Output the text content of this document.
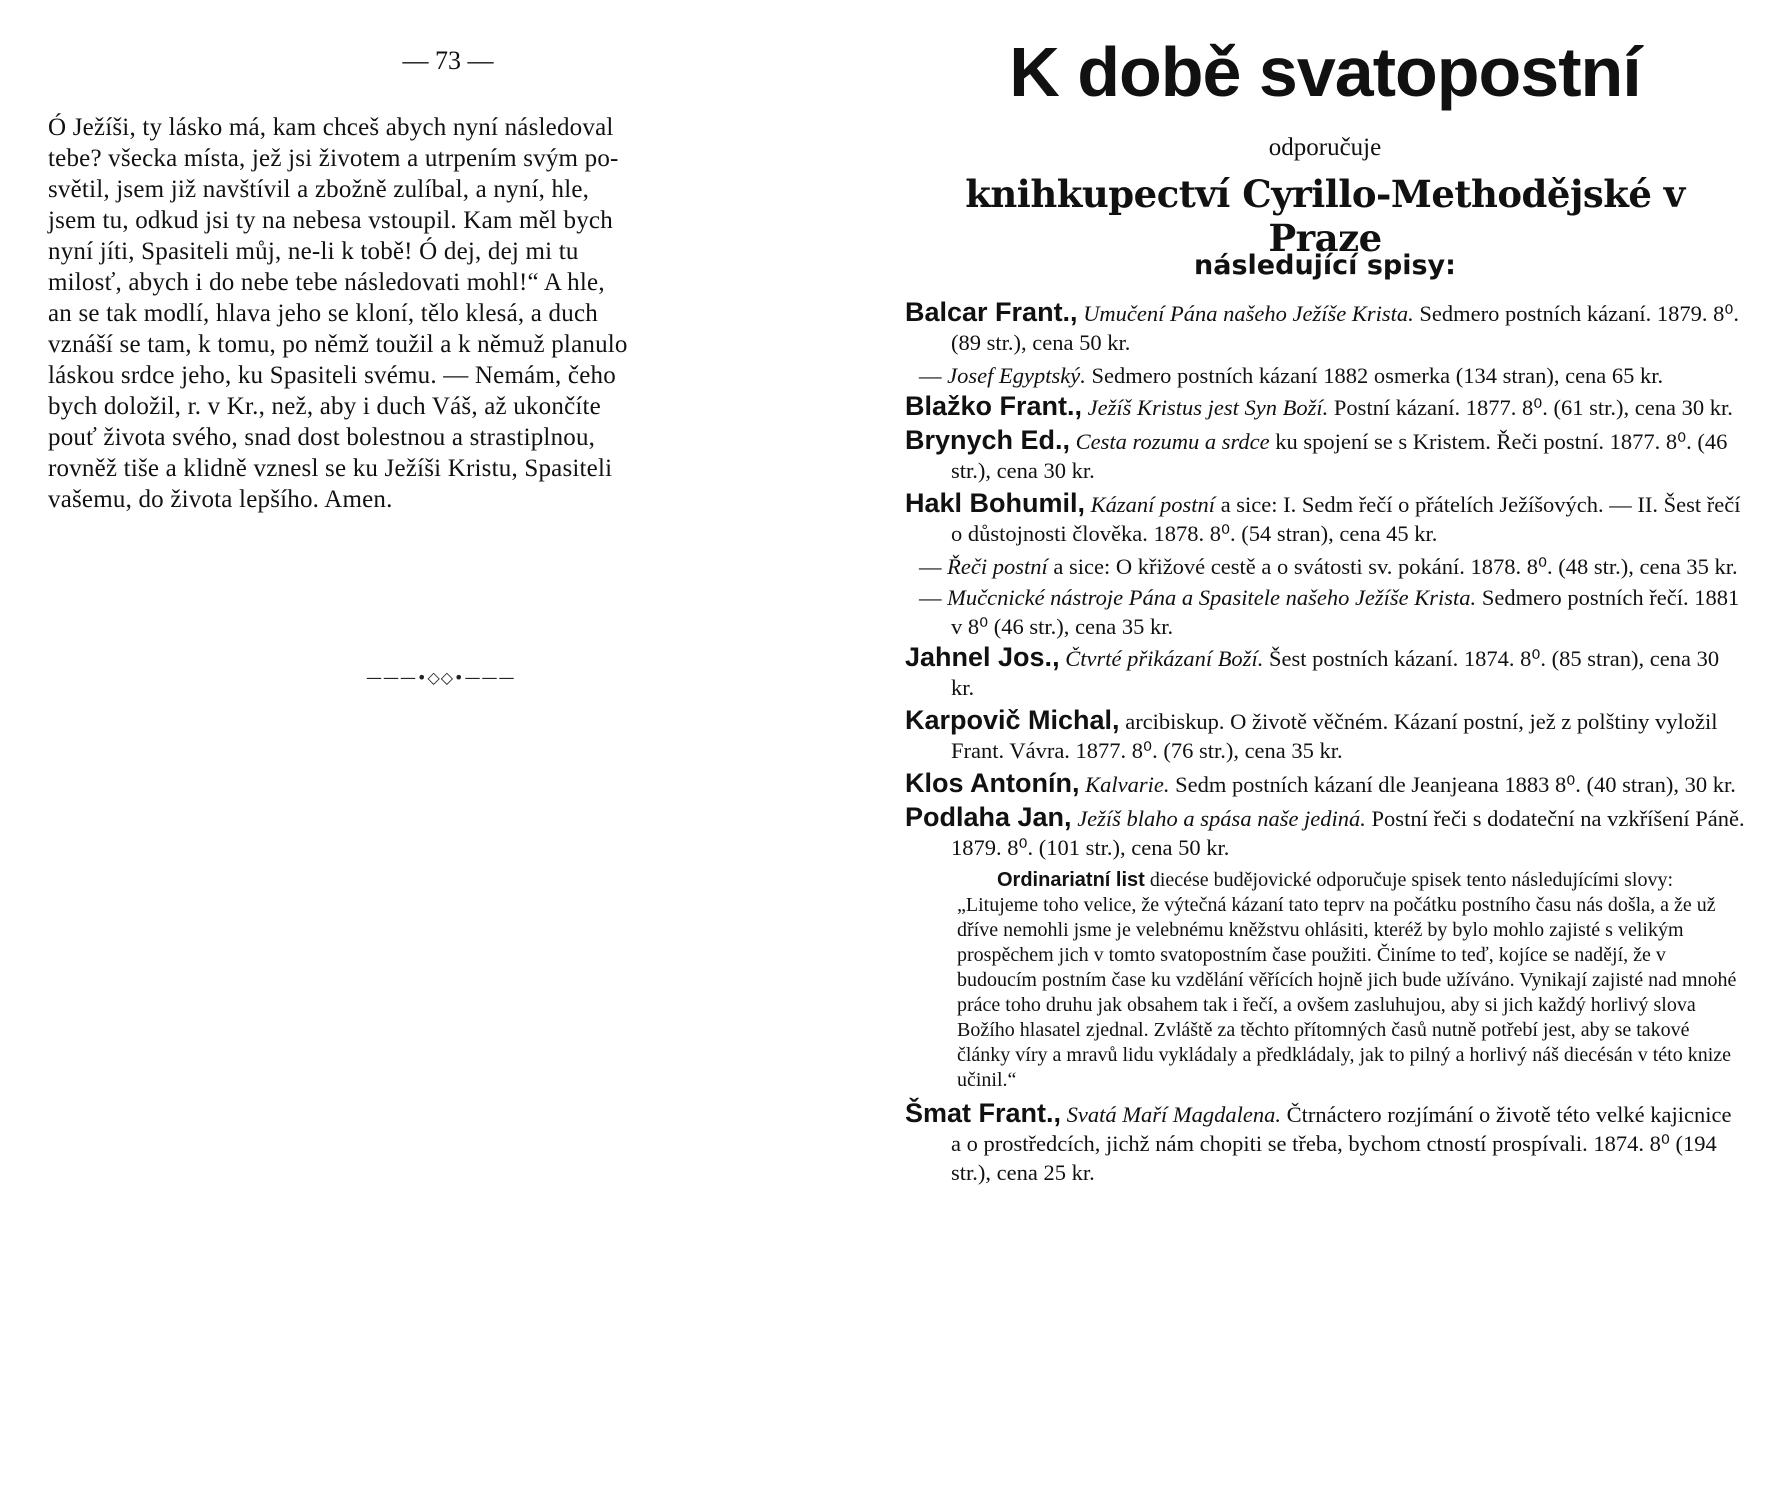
— 73 —
Ó Ježíši, ty lásko má, kam chceš abych nyní následoval
tebe? všecka místa, jež jsi životem a utrpením svým po-
světil, jsem již navštívil a zbožně zulíbal, a nyní, hle,
jsem tu, odkud jsi ty na nebesa vstoupil. Kam měl bych
nyní jíti, Spasiteli můj, ne-li k tobě! Ó dej, dej mi tu
milosť, abych i do nebe tebe následovati mohl!“ A hle,
an se tak modlí, hlava jeho se kloní, tělo klesá, a duch
vznáší se tam, k tomu, po němž toužil a k němuž planulo
láskou srdce jeho, ku Spasiteli svému. — Nemám, čeho
bych doložil, r. v Kr., než, aby i duch Váš, až ukončíte
pouť života svého, snad dost bolestnou a strastiplnou,
rovněž tiše a klidně vznesl se ku Ježíši Kristu, Spasiteli
vašemu, do života lepšího. Amen.
———•◇◇•———
K době svatopostní
odporučuje
knihkupectví Cyrillo-Methodějské v Praze
následující spisy:
Balcar Frant., Umučení Pána našeho Ježíše Krista. Sedmero postních kázaní. 1879. 8⁰. (89 str.), cena 50 kr.
— Josef Egyptský. Sedmero postních kázaní 1882 osmerka (134 stran), cena 65 kr.
Blažko Frant., Ježíš Kristus jest Syn Boží. Postní kázaní. 1877. 8⁰. (61 str.), cena 30 kr.
Brynych Ed., Cesta rozumu a srdce ku spojení se s Kristem. Řeči postní. 1877. 8⁰. (46 str.), cena 30 kr.
Hakl Bohumil, Kázaní postní a sice: I. Sedm řečí o přátelích Ježíšových. — II. Šest řečí o důstojnosti člověka. 1878. 8⁰. (54 stran), cena 45 kr.
— Řeči postní a sice: O křižové cestě a o svátosti sv. pokání. 1878. 8⁰. (48 str.), cena 35 kr.
— Mučcnické nástroje Pána a Spasitele našeho Ježíše Krista. Sedmero postních řečí. 1881 v 8⁰ (46 str.), cena 35 kr.
Jahnel Jos., Čtvrté přikázaní Boží. Šest postních kázaní. 1874. 8⁰. (85 stran), cena 30 kr.
Karpovič Michal, arcibiskup. O životě věčném. Kázaní postní, jež z polštiny vyložil Frant. Vávra. 1877. 8⁰. (76 str.), cena 35 kr.
Klos Antonín, Kalvarie. Sedm postních kázaní dle Jeanjeana 1883 8⁰. (40 stran), 30 kr.
Podlaha Jan, Ježíš blaho a spása naše jediná. Postní řeči s dodateční na vzkříšení Páně. 1879. 8⁰. (101 str.), cena 50 kr.
Ordinariatní list diecése budějovické odporučuje spisek tento následujícími slovy: „Litujeme toho velice, že výtečná kázaní tato teprv na počátku postního času nás došla, a že už dříve nemohli jsme je velebnému kněžstvu ohlásiti, kteréž by bylo mohlo zajisté s velikým prospěchem jich v tomto svatopostním čase použiti. Činíme to teď, kojíce se nadějí, že v budoucím postním čase ku vzdělání věřících hojně jich bude užíváno. Vynikají zajisté nad mnohé práce toho druhu jak obsahem tak i řečí, a ovšem zasluhujou, aby si jich každý horlivý slova Božího hlasatel zjednal. Zvláště za těchto přítomných časů nutně potřebí jest, aby se takové články víry a mravů lidu vykládaly a předkládaly, jak to pilný a horlivý náš diecésán v této knize učinil.“
Šmat Frant., Svatá Maří Magdalena. Čtrnáctero rozjímání o životě této velké kajicnice a o prostředcích, jichž nám chopiti se třeba, bychom ctností prospívali. 1874. 8⁰ (194 str.), cena 25 kr.
